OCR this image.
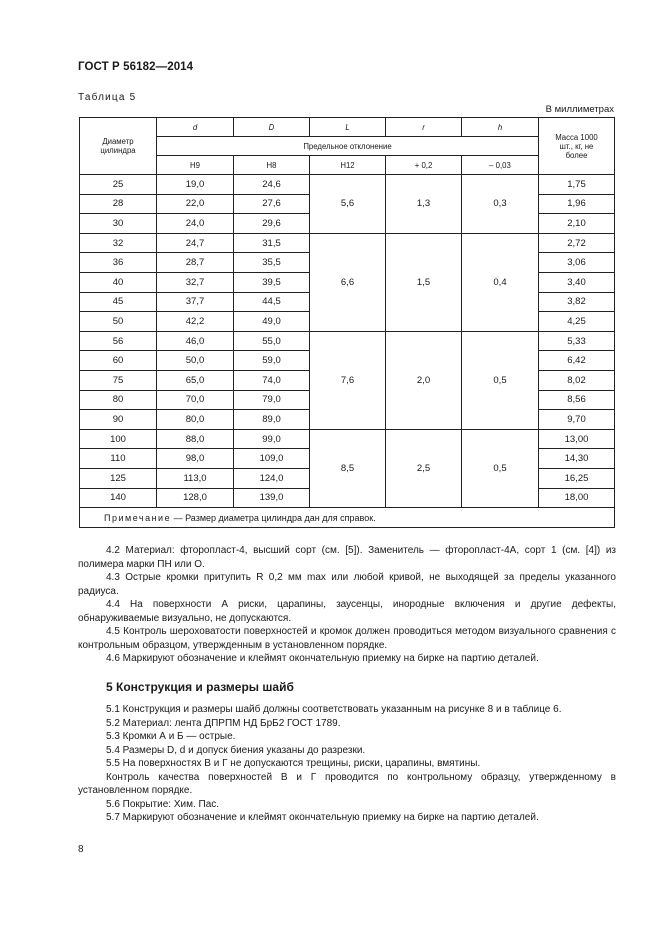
ГОСТ Р 56182—2014
Таблица 5
В миллиметрах
Диаметр цилиндра	d	D	L	r	h	Масса 1000 шт., кг, не более
	Предельное отклонение					
	H9	H8	H12	+ 0,2	– 0,03	
25	19,0	24,6	5,6	1,3	0,3	1,75
28	22,0	27,6				1,96
30	24,0	29,6				2,10
32	24,7	31,5	6,6	1,5	0,4	2,72
36	28,7	35,5				3,06
40	32,7	39,5				3,40
45	37,7	44,5				3,82
50	42,2	49,0				4,25
56	46,0	55,0	7,6	2,0	0,5	5,33
60	50,0	59,0				6,42
75	65,0	74,0				8,02
80	70,0	79,0				8,56
90	80,0	89,0				9,70
100	88,0	99,0	8,5	2,5	0,5	13,00
110	98,0	109,0				14,30
125	113,0	124,0				16,25
140	128,0	139,0				18,00
Примечание — Размер диаметра цилиндра дан для справок.						

4.2 Материал: фторопласт-4, высший сорт (см. [5]). Заменитель — фторопласт-4А, сорт 1 (см. [4]) из полимера марки ПН или О.

4.3 Острые кромки притупить R 0,2 мм max или любой кривой, не выходящей за пределы указанного радиуса.

4.4 На поверхности А риски, царапины, заусенцы, инородные включения и другие дефекты, обнаруживаемые визуально, не допускаются.

4.5 Контроль шероховатости поверхностей и кромок должен проводиться методом визуального сравнения с контрольным образцом, утвержденным в установленном порядке.

4.6 Маркируют обозначение и клеймят окончательную приемку на бирке на партию деталей.

5 Конструкция и размеры шайб

5.1 Конструкция и размеры шайб должны соответствовать указанным на рисунке 8 и в таблице 6.

5.2 Материал: лента ДПРПМ НД БрБ2 ГОСТ 1789.

5.3 Кромки А и Б — острые.

5.4 Размеры D, d и допуск биения указаны до разрезки.

5.5 На поверхностях В и Г не допускаются трещины, риски, царапины, вмятины.

Контроль качества поверхностей В и Г проводится по контрольному образцу, утвержденному в установленном порядке.

5.6 Покрытие: Хим. Пас.

5.7 Маркируют обозначение и клеймят окончательную приемку на бирке на партию деталей.

8
